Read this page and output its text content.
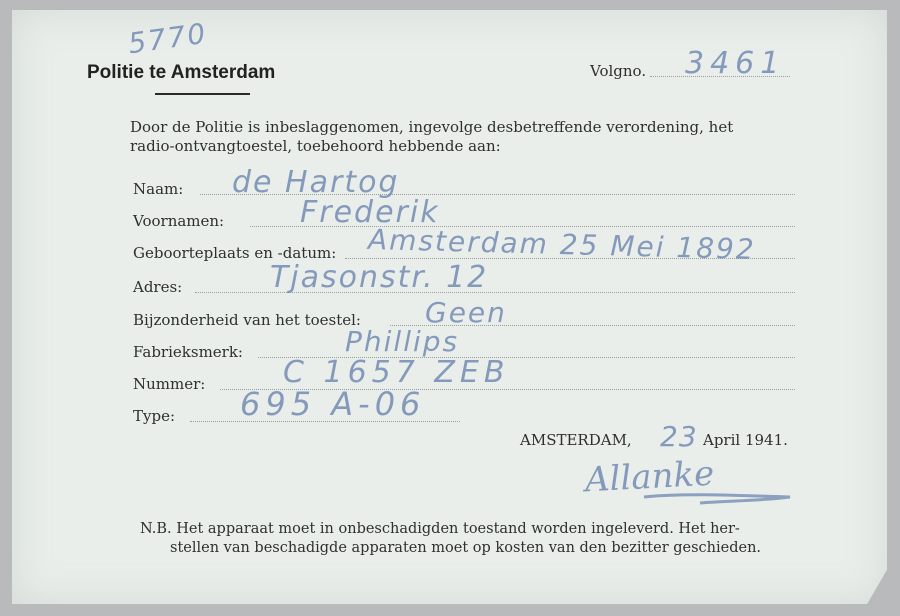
5770
Politie te Amsterdam	Volgno. 3461
Door de Politie is inbeslaggenomen, ingevolge desbetreffende verordening, het
radio-ontvangtoestel, toebehoord hebbende aan:
Naam: de Hartog
Voornamen:	Frederik
Geboorteplaats en -datum: Amsterdam 25 Mei 1892
Adres:	Tjasonstr. 12
Bijzonderheid van het toestel: Geen
Fabrieksmerk:	Phillips
Nummer:	C 1657 ZEB
Type: 695 A-06
AMSTERDAM, 23 April 1941.
Allanke
N.B. Het apparaat moet in onbeschadigden toestand worden ingeleverd. Het her-
stellen van beschadigde apparaten moet op kosten van den bezitter geschieden.
